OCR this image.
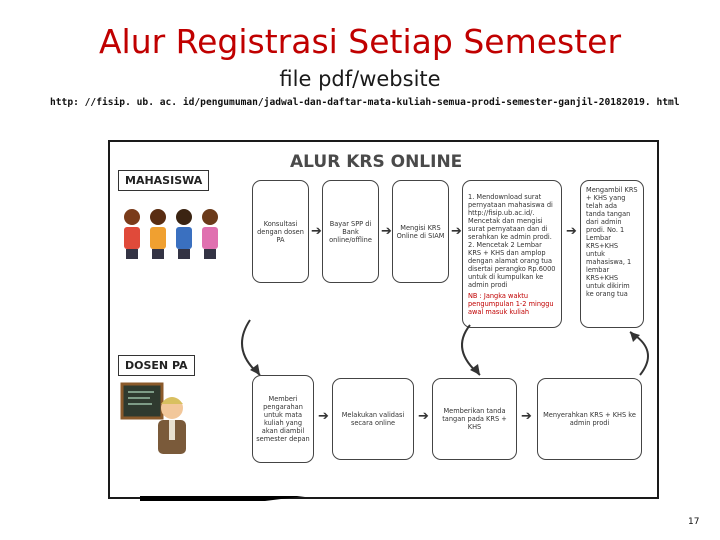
Alur Registrasi Setiap Semester
file pdf/website
http: //fisip. ub. ac. id/pengumuman/jadwal-dan-daftar-mata-kuliah-semua-prodi-semester-ganjil-20182019. html
ALUR KRS ONLINE
MAHASISWA
DOSEN PA
Konsultasi dengan dosen PA
➔
Bayar SPP di Bank online/offline
➔	Mengisi KRS Online di SIAM ➔
1. Mendownload surat pernyataan mahasiswa di http://fisip.ub.ac.id/. Mencetak dan mengisi surat pernyataan dan di serahkan ke admin prodi. 2. Mencetak 2 Lembar KRS + KHS dan amplop dengan alamat orang tua disertai perangko Rp.6000 untuk di kumpulkan ke admin prodi
NB : Jangka waktu pengumpulan 1-2 minggu awal masuk kuliah
➔
Mengambil KRS + KHS yang telah ada tanda tangan dari admin prodi. No. 1 Lembar KRS+KHS untuk mahasiswa, 1 lembar KRS+KHS untuk dikirim ke orang tua
Memberi pengarahan untuk mata kuliah yang akan diambil semester depan
➔	Melakukan validasi secara online	➔	Memberikan tanda tangan pada KRS + KHS
➔	Menyerahkan KRS + KHS ke admin prodi
17
